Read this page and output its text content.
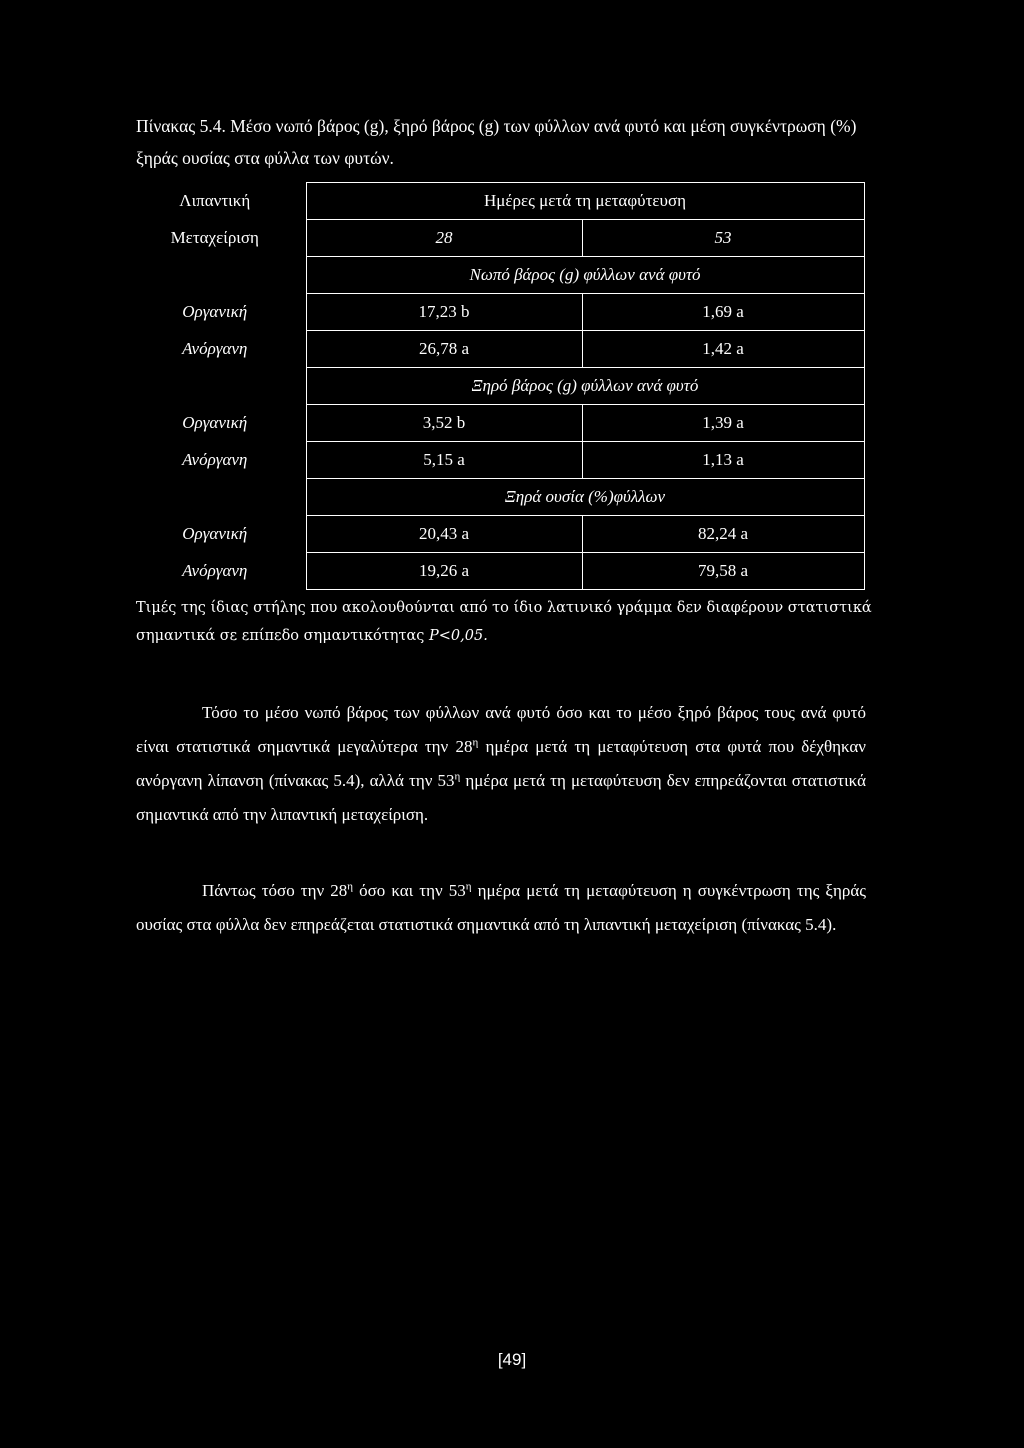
Πίνακας 5.4. Μέσο νωπό βάρος (g), ξηρό βάρος (g) των φύλλων ανά φυτό και μέση συγκέντρωση (%) ξηράς ουσίας στα φύλλα των φυτών.

Λιπαντική	Ημέρες μετά τη μεταφύτευση	
Μεταχείριση	28	53
	Νωπό βάρος (g) φύλλων ανά φυτό	
Οργανική	17,23 b	1,69 a
Ανόργανη	26,78 a	1,42 a
	Ξηρό βάρος (g) φύλλων ανά φυτό	
Οργανική	3,52 b	1,39 a
Ανόργανη	5,15 a	1,13 a
	Ξηρά ουσία (%)φύλλων	
Οργανική	20,43 a	82,24 a
Ανόργανη	19,26 a	79,58 a

Τιμές της ίδιας στήλης που ακολουθούνται από το ίδιο λατινικό γράμμα δεν διαφέρουν στατιστικά σημαντικά σε επίπεδο σημαντικότητας P<0,05.

Τόσο το μέσο νωπό βάρος των φύλλων ανά φυτό όσο και το μέσο ξηρό βάρος τους ανά φυτό είναι στατιστικά σημαντικά μεγαλύτερα την $28^\eta$ ημέρα μετά τη μεταφύτευση στα φυτά που δέχθηκαν ανόργανη λίπανση (πίνακας 5.4), αλλά την $53^\eta$ ημέρα μετά τη μεταφύτευση δεν επηρεάζονται στατιστικά σημαντικά από την λιπαντική μεταχείριση.

Πάντως τόσο την $28^\eta$ όσο και την $53^\eta$ ημέρα μετά τη μεταφύτευση η συγκέντρωση της ξηράς ουσίας στα φύλλα δεν επηρεάζεται στατιστικά σημαντικά από τη λιπαντική μεταχείριση (πίνακας 5.4).

[49]
